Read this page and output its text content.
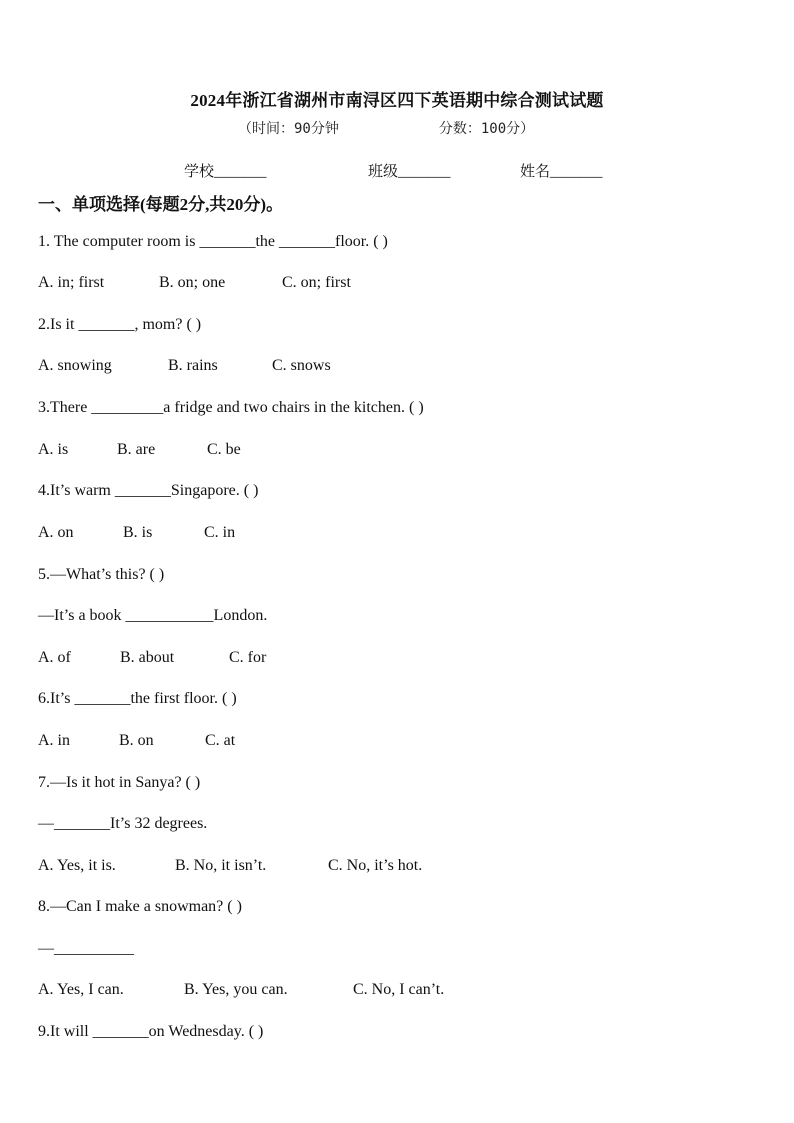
2024年浙江省湖州市南浔区四下英语期中综合测试试题
（时间：90分钟	分数：100分）
学校_______	班级_______	姓名_______
一、单项选择(每题2分,共20分)。
1. The computer room is _______the _______floor. ( )
A. in; first	B. on; one	C. on; first
2.Is it _______, mom? ( )
A. snowing	B. rains	C. snows
3.There _________a fridge and two chairs in the kitchen. ( )
A. is	B. are	C. be
4.It’s warm _______Singapore. ( )
A. on	B. is	C. in
5.—What’s this? ( )
—It’s a book ___________London.
A. of	B. about	C. for
6.It’s _______the first floor. ( )
A. in	B. on	C. at
7.—Is it hot in Sanya? ( )
—_______It’s 32 degrees.
A. Yes, it is.	B. No, it isn’t.	C. No, it’s hot.
8.—Can I make a snowman? ( )
—__________
A. Yes, I can.	B. Yes, you can.	C. No, I can’t.
9.It will _______on Wednesday. ( )
